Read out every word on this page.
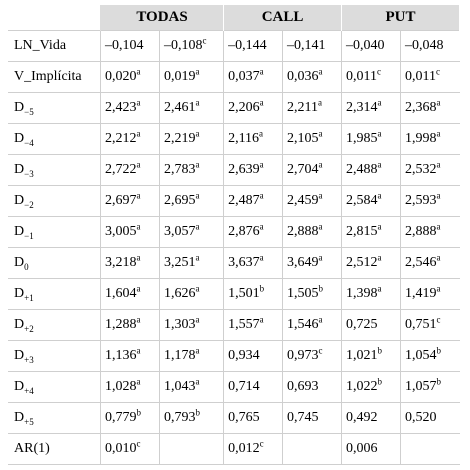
	TODAS		CALL		PUT	
LN_Vida	–0,104	–0,108$^c$	–0,144	–0,141	–0,040	–0,048
V_Implícita	0,020$^a$	0,019$^a$	0,037$^a$	0,036$^a$	0,011$^c$	0,011$^c$
$D_{-5}$	2,423$^a$	2,461$^a$	2,206$^a$	2,211$^a$	2,314$^a$	2,368$^a$
$D_{-4}$	2,212$^a$	2,219$^a$	2,116$^a$	2,105$^a$	1,985$^a$	1,998$^a$
$D_{-3}$	2,722$^a$	2,783$^a$	2,639$^a$	2,704$^a$	2,488$^a$	2,532$^a$
$D_{-2}$	2,697$^a$	2,695$^a$	2,487$^a$	2,459$^a$	2,584$^a$	2,593$^a$
$D_{-1}$	3,005$^a$	3,057$^a$	2,876$^a$	2,888$^a$	2,815$^a$	2,888$^a$
$D_0$	3,218$^a$	3,251$^a$	3,637$^a$	3,649$^a$	2,512$^a$	2,546$^a$
$D_{+1}$	1,604$^a$	1,626$^a$	1,501$^b$	1,505$^b$	1,398$^a$	1,419$^a$
$D_{+2}$	1,288$^a$	1,303$^a$	1,557$^a$	1,546$^a$	0,725	0,751$^c$
$D_{+3}$	1,136$^a$	1,178$^a$	0,934	0,973$^c$	1,021$^b$	1,054$^b$
$D_{+4}$	1,028$^a$	1,043$^a$	0,714	0,693	1,022$^b$	1,057$^b$
$D_{+5}$	0,779$^b$	0,793$^b$	0,765	0,745	0,492	0,520
AR(1)	0,010$^c$		0,012$^c$		0,006	
